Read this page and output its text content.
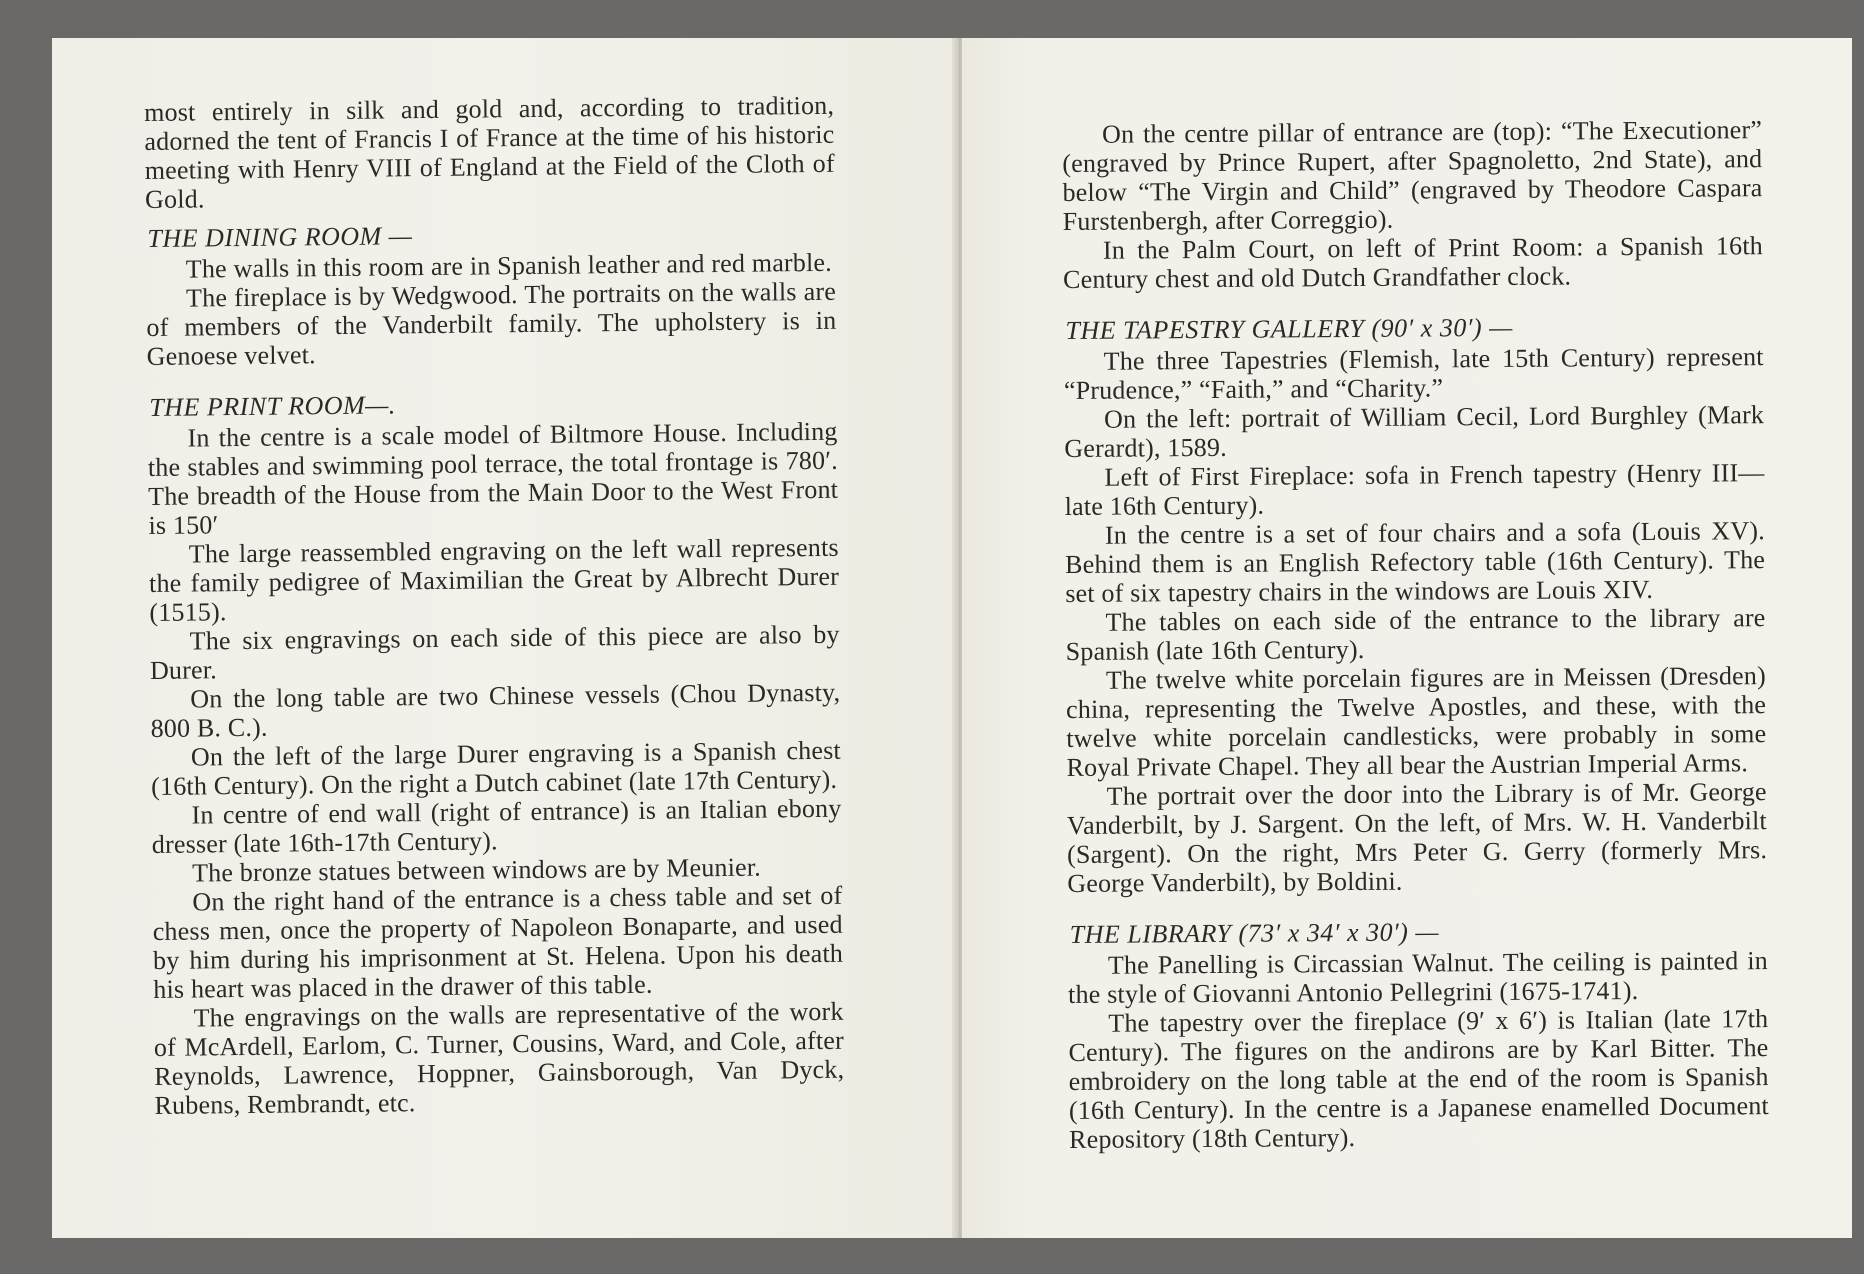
most entirely in silk and gold and, according to tradition, adorned the tent of Francis I of France at the time of his historic meeting with Henry VIII of England at the Field of the Cloth of Gold.

THE DINING ROOM —

The walls in this room are in Spanish leather and red marble.

The fireplace is by Wedgwood. The portraits on the walls are of members of the Vanderbilt family. The upholstery is in Genoese velvet.

THE PRINT ROOM—.

In the centre is a scale model of Biltmore House. Including the stables and swimming pool terrace, the total frontage is 780′. The breadth of the House from the Main Door to the West Front is 150′

The large reassembled engraving on the left wall represents the family pedigree of Maximilian the Great by Albrecht Durer (1515).

The six engravings on each side of this piece are also by Durer.

On the long table are two Chinese vessels (Chou Dynasty, 800 B. C.).

On the left of the large Durer engraving is a Spanish chest (16th Century). On the right a Dutch cabinet (late 17th Century).

In centre of end wall (right of entrance) is an Italian ebony dresser (late 16th-17th Century).

The bronze statues between windows are by Meunier.

On the right hand of the entrance is a chess table and set of chess men, once the property of Napoleon Bonaparte, and used by him during his imprisonment at St. Helena. Upon his death his heart was placed in the drawer of this table.

The engravings on the walls are representative of the work of McArdell, Earlom, C. Turner, Cousins, Ward, and Cole, after Reynolds, Lawrence, Hoppner, Gainsborough, Van Dyck, Rubens, Rembrandt, etc.

On the centre pillar of entrance are (top): “The Executioner” (engraved by Prince Rupert, after Spagnoletto, 2nd State), and below “The Virgin and Child” (engraved by Theodore Caspara Furstenbergh, after Correggio).

In the Palm Court, on left of Print Room: a Spanish 16th Century chest and old Dutch Grandfather clock.

THE TAPESTRY GALLERY (90′ x 30′) —

The three Tapestries (Flemish, late 15th Century) represent “Prudence,” “Faith,” and “Charity.”

On the left: portrait of William Cecil, Lord Burghley (Mark Gerardt), 1589.

Left of First Fireplace: sofa in French tapestry (Henry III—late 16th Century).

In the centre is a set of four chairs and a sofa (Louis XV). Behind them is an English Refectory table (16th Century). The set of six tapestry chairs in the windows are Louis XIV.

The tables on each side of the entrance to the library are Spanish (late 16th Century).

The twelve white porcelain figures are in Meissen (Dresden) china, representing the Twelve Apostles, and these, with the twelve white porcelain candlesticks, were probably in some Royal Private Chapel. They all bear the Austrian Imperial Arms.

The portrait over the door into the Library is of Mr. George Vanderbilt, by J. Sargent. On the left, of Mrs. W. H. Vanderbilt (Sargent). On the right, Mrs Peter G. Gerry (formerly Mrs. George Vanderbilt), by Boldini.

THE LIBRARY (73′ x 34′ x 30′) —

The Panelling is Circassian Walnut. The ceiling is painted in the style of Giovanni Antonio Pellegrini (1675-1741).

The tapestry over the fireplace (9′ x 6′) is Italian (late 17th Century). The figures on the andirons are by Karl Bitter. The embroidery on the long table at the end of the room is Spanish (16th Century). In the centre is a Japanese enamelled Document Repository (18th Century).
